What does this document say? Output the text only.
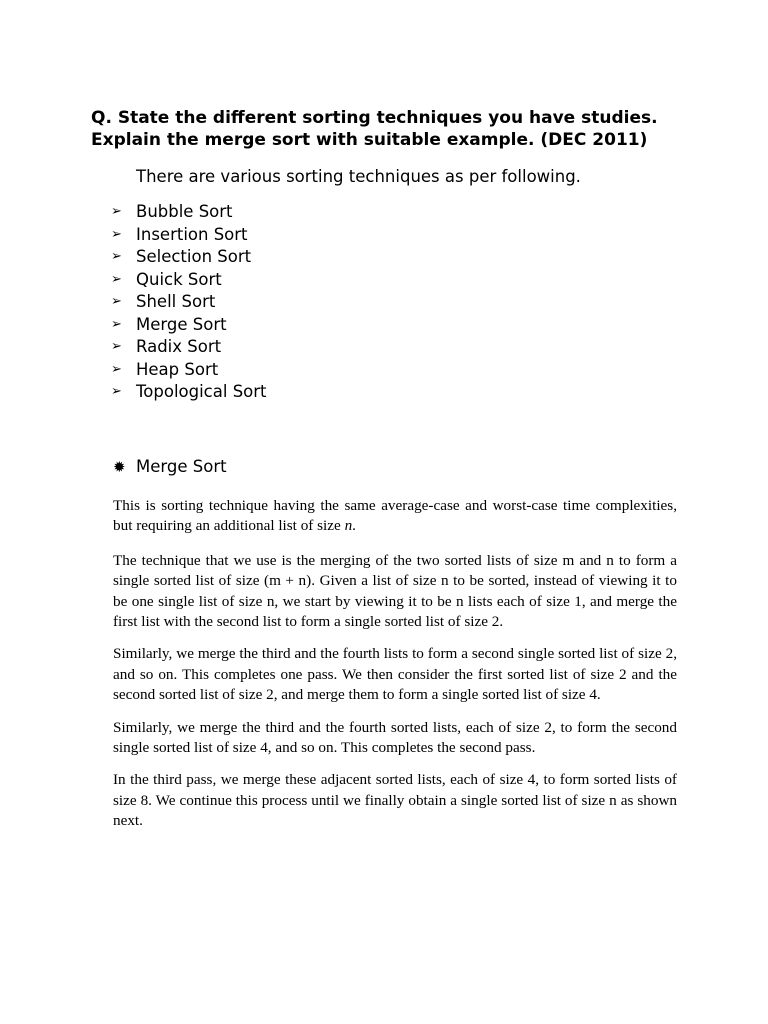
Q. State the different sorting techniques you have studies. Explain the merge sort with suitable example. (DEC 2011)

There are various sorting techniques as per following.

➢ Bubble Sort
➢ Insertion Sort
➢ Selection Sort
➢ Quick Sort
➢ Shell Sort
➢ Merge Sort
➢ Radix Sort
➢ Heap Sort
➢ Topological Sort
✹ Merge Sort

This is sorting technique having the same average-case and worst-case time complexities, but requiring an additional list of size n.

The technique that we use is the merging of the two sorted lists of size m and n to form a single sorted list of size (m + n). Given a list of size n to be sorted, instead of viewing it to be one single list of size n, we start by viewing it to be n lists each of size 1, and merge the first list with the second list to form a single sorted list of size 2.

Similarly, we merge the third and the fourth lists to form a second single sorted list of size 2, and so on. This completes one pass. We then consider the first sorted list of size 2 and the second sorted list of size 2, and merge them to form a single sorted list of size 4.

Similarly, we merge the third and the fourth sorted lists, each of size 2, to form the second single sorted list of size 4, and so on. This completes the second pass.

In the third pass, we merge these adjacent sorted lists, each of size 4, to form sorted lists of size 8. We continue this process until we finally obtain a single sorted list of size n as shown next.
